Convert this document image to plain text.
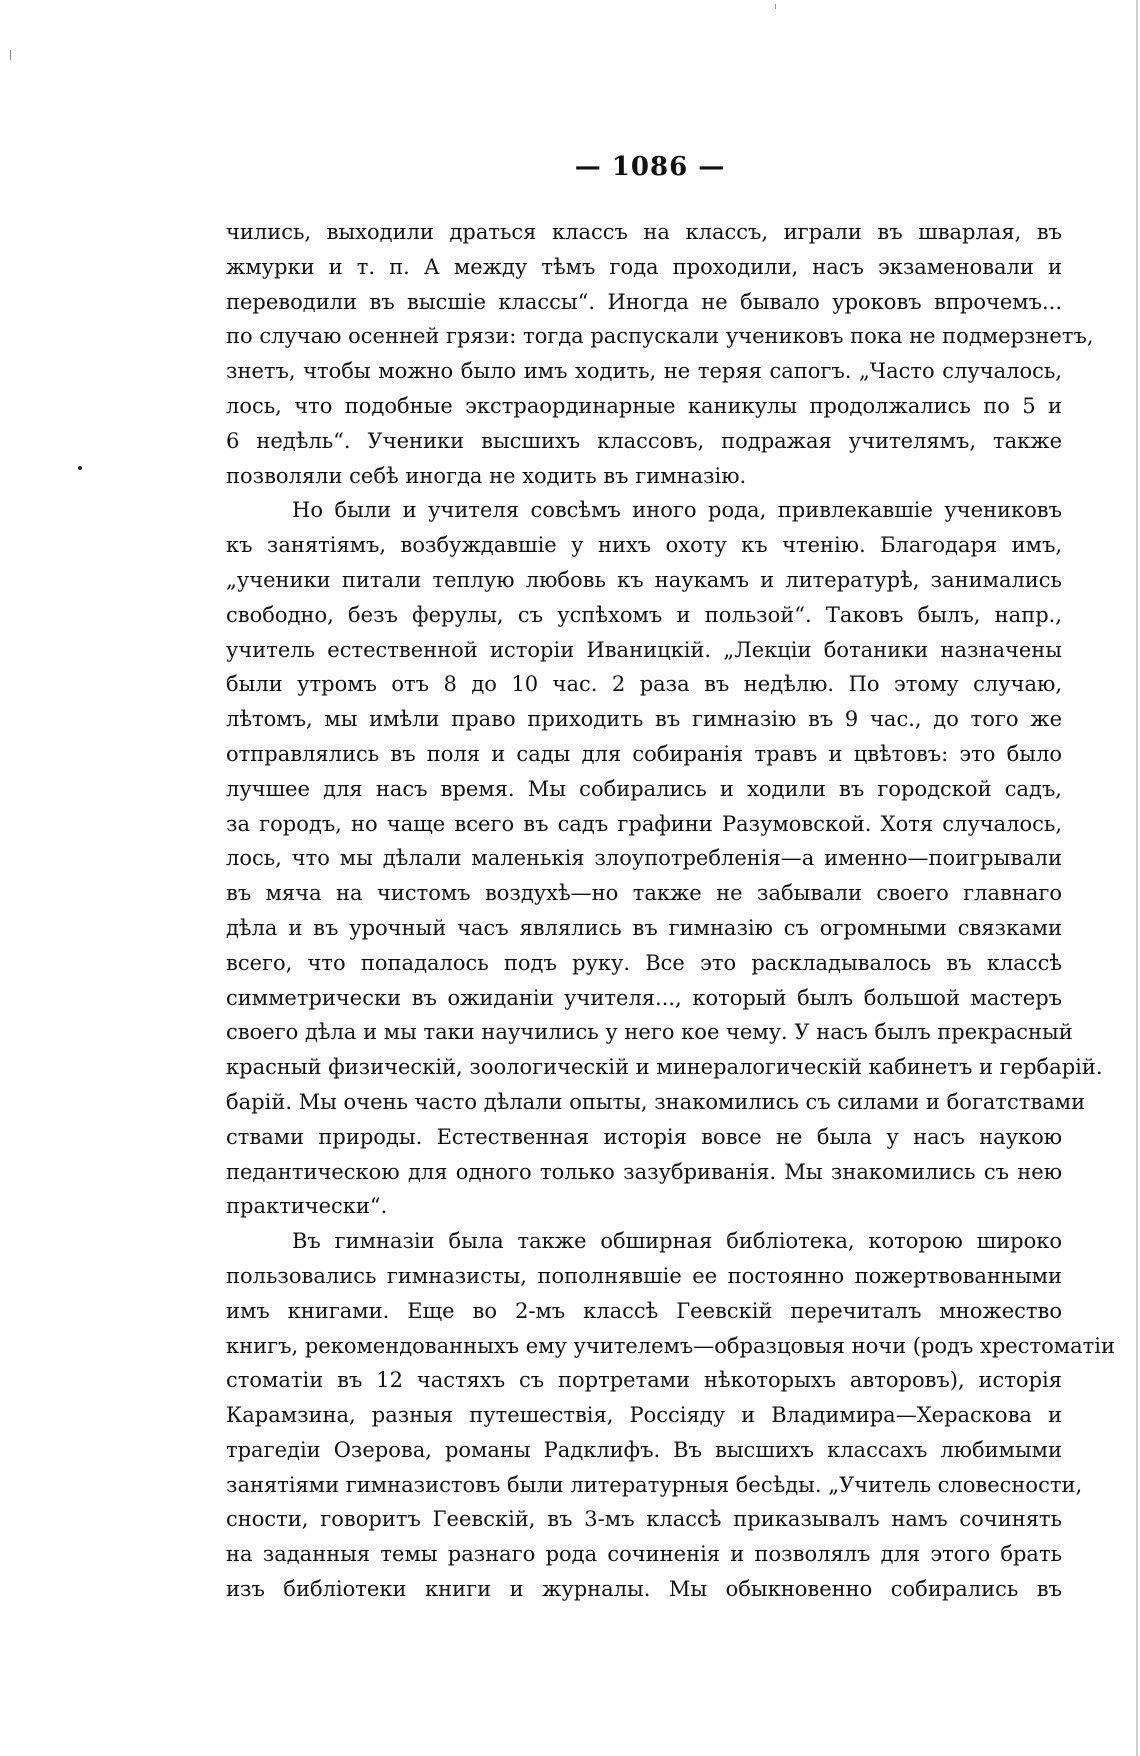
— 1086 —
чились, выходили драться классъ на классъ, играли въ шварлая, въ
жмурки и т. п. А между тѣмъ года проходили, насъ экзаменовали и
переводили въ высшіе классы“. Иногда не бывало уроковъ впрочемъ...
по случаю осенней грязи: тогда распускали учениковъ пока не подмерзнетъ,
знетъ, чтобы можно было имъ ходить, не теряя сапогъ. „Часто случалось,
лось, что подобные экстраординарные каникулы продолжались по 5 и
6 недѣль“. Ученики высшихъ классовъ, подражая учителямъ, также
позволяли себѣ иногда не ходить въ гимназію.
Но были и учителя совсѣмъ иного рода, привлекавшіе учениковъ
къ занятіямъ, возбуждавшіе у нихъ охоту къ чтенію. Благодаря имъ,
„ученики питали теплую любовь къ наукамъ и литературѣ, занимались
свободно, безъ ферулы, съ успѣхомъ и пользой“. Таковъ былъ, напр.,
учитель естественной исторіи Иваницкій. „Лекціи ботаники назначены
были утромъ отъ 8 до 10 час. 2 раза въ недѣлю. По этому случаю,
лѣтомъ, мы имѣли право приходить въ гимназію въ 9 час., до того же
отправлялись въ поля и сады для собиранія травъ и цвѣтовъ: это было
лучшее для насъ время. Мы собирались и ходили въ городской садъ,
за городъ, но чаще всего въ садъ графини Разумовской. Хотя случалось,
лось, что мы дѣлали маленькія злоупотребленія—а именно—поигрывали
въ мяча на чистомъ воздухѣ—но также не забывали своего главнаго
дѣла и въ урочный часъ являлись въ гимназію съ огромными связками
всего, что попадалось подъ руку. Все это раскладывалось въ классѣ
симметрически въ ожиданіи учителя..., который былъ большой мастеръ
своего дѣла и мы таки научились у него кое чему. У насъ былъ прекрасный
красный физическій, зоологическій и минералогическій кабинетъ и гербарій.
барій. Мы очень часто дѣлали опыты, знакомились съ силами и богатствами
ствами природы. Естественная исторія вовсе не была у насъ наукою
педантическою для одного только зазубриванія. Мы знакомились съ нею
практически“.
Въ гимназіи была также обширная библіотека, которою широко
пользовались гимназисты, пополнявшіе ее постоянно пожертвованными
имъ книгами. Еще во 2-мъ классѣ Геевскій перечиталъ множество
книгъ, рекомендованныхъ ему учителемъ—образцовыя ночи (родъ хрестоматіи
стоматіи въ 12 частяхъ съ портретами нѣкоторыхъ авторовъ), исторія
Карамзина, разныя путешествія, Россіяду и Владимира—Хераскова и
трагедіи Озерова, романы Радклифъ. Въ высшихъ классахъ любимыми
занятіями гимназистовъ были литературныя бесѣды. „Учитель словесности,
сности, говоритъ Геевскій, въ 3-мъ классѣ приказывалъ намъ сочинять
на заданныя темы разнаго рода сочиненія и позволялъ для этого брать
изъ библіотеки книги и журналы. Мы обыкновенно собирались въ
